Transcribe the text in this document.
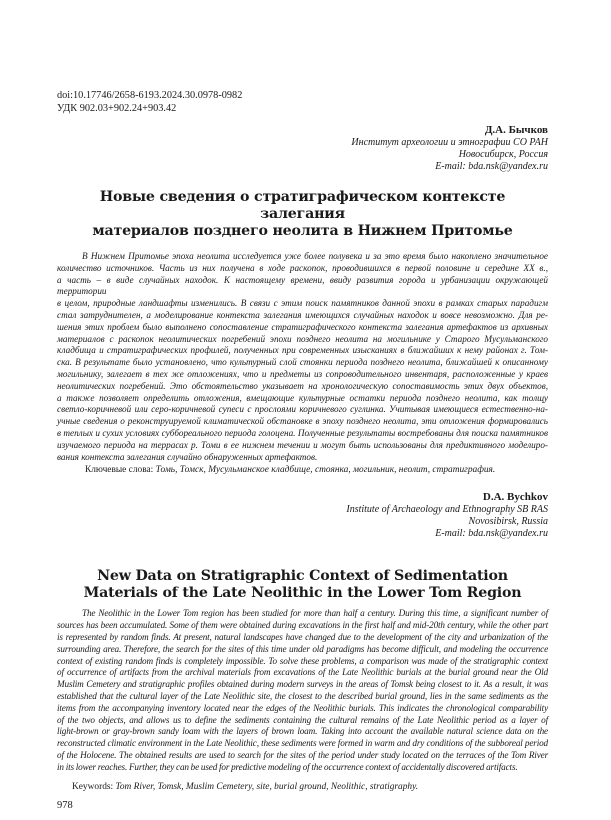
doi:10.17746/2658-6193.2024.30.0978-0982
УДК 902.03+902.24+903.42
Д.А. Бычков
Институт археологии и этнографии СО РАН
Новосибирск, Россия
E-mail: bda.nsk@yandex.ru
Новые сведения о стратиграфическом контексте залегания
материалов позднего неолита в Нижнем Притомье
В Нижнем Притомье эпоха неолита исследуется уже более полувека и за это время было накоплено значительное
количество источников. Часть из них получена в ходе раскопок, проводившихся в первой половине и середине XX в.,
а часть – в виде случайных находок. К настоящему времени, ввиду развития города и урбанизации окружающей территории
в целом, природные ландшафты изменились. В связи с этим поиск памятников данной эпохи в рамках старых парадигм
стал затруднителен, а моделирование контекста залегания имеющихся случайных находок и вовсе невозможно. Для ре-
шения этих проблем было выполнено сопоставление стратиграфического контекста залегания артефактов из архивных
материалов с раскопок неолитических погребений эпохи позднего неолита на могильнике у Старого Мусульманского
кладбища и стратиграфических профилей, полученных при современных изысканиях в ближайших к нему районах г. Том-
ска. В результате было установлено, что культурный слой стоянки периода позднего неолита, ближайшей к описанному
могильнику, залегает в тех же отложениях, что и предметы из сопроводительного инвентаря, расположенные у краев
неолитических погребений. Это обстоятельство указывает на хронологическую сопоставимость этих двух объектов,
а также позволяет определить отложения, вмещающие культурные остатки периода позднего неолита, как толщу
светло-коричневой или серо-коричневой супеси с прослоями коричневого суглинка. Учитывая имеющиеся естественно-на-
учные сведения о реконструируемой климатической обстановке в эпоху позднего неолита, эти отложения формировались
в теплых и сухих условиях суббореального периода голоцена. Полученные результаты востребованы для поиска памятников
изучаемого периода на террасах р. Томи в ее нижнем течении и могут быть использованы для предиктивного моделиро-
вания контекста залегания случайно обнаруженных артефактов.
Ключевые слова: Томь, Томск, Мусульманское кладбище, стоянка, могильник, неолит, стратиграфия.
D.A. Bychkov
Institute of Archaeology and Ethnography SB RAS
Novosibirsk, Russia
E-mail: bda.nsk@yandex.ru
New Data on Stratigraphic Context of Sedimentation
Materials of the Late Neolithic in the Lower Tom Region
The Neolithic in the Lower Tom region has been studied for more than half a century. During this time, a significant number of
sources has been accumulated. Some of them were obtained during excavations in the first half and mid-20th century, while the other part
is represented by random finds. At present, natural landscapes have changed due to the development of the city and urbanization of the
surrounding area. Therefore, the search for the sites of this time under old paradigms has become difficult, and modeling the occurrence
context of existing random finds is completely impossible. To solve these problems, a comparison was made of the stratigraphic context
of occurrence of artifacts from the archival materials from excavations of the Late Neolithic burials at the burial ground near the Old
Muslim Cemetery and stratigraphic profiles obtained during modern surveys in the areas of Tomsk being closest to it. As a result, it was
established that the cultural layer of the Late Neolithic site, the closest to the described burial ground, lies in the same sediments as the
items from the accompanying inventory located near the edges of the Neolithic burials. This indicates the chronological comparability
of the two objects, and allows us to define the sediments containing the cultural remains of the Late Neolithic period as a layer of
light-brown or gray-brown sandy loam with the layers of brown loam. Taking into account the available natural science data on the
reconstructed climatic environment in the Late Neolithic, these sediments were formed in warm and dry conditions of the subboreal period
of the Holocene. The obtained results are used to search for the sites of the period under study located on the terraces of the Tom River
in its lower reaches. Further, they can be used for predictive modeling of the occurrence context of accidentally discovered artifacts.
Keywords: Tom River, Tomsk, Muslim Cemetery, site, burial ground, Neolithic, stratigraphy.
978
